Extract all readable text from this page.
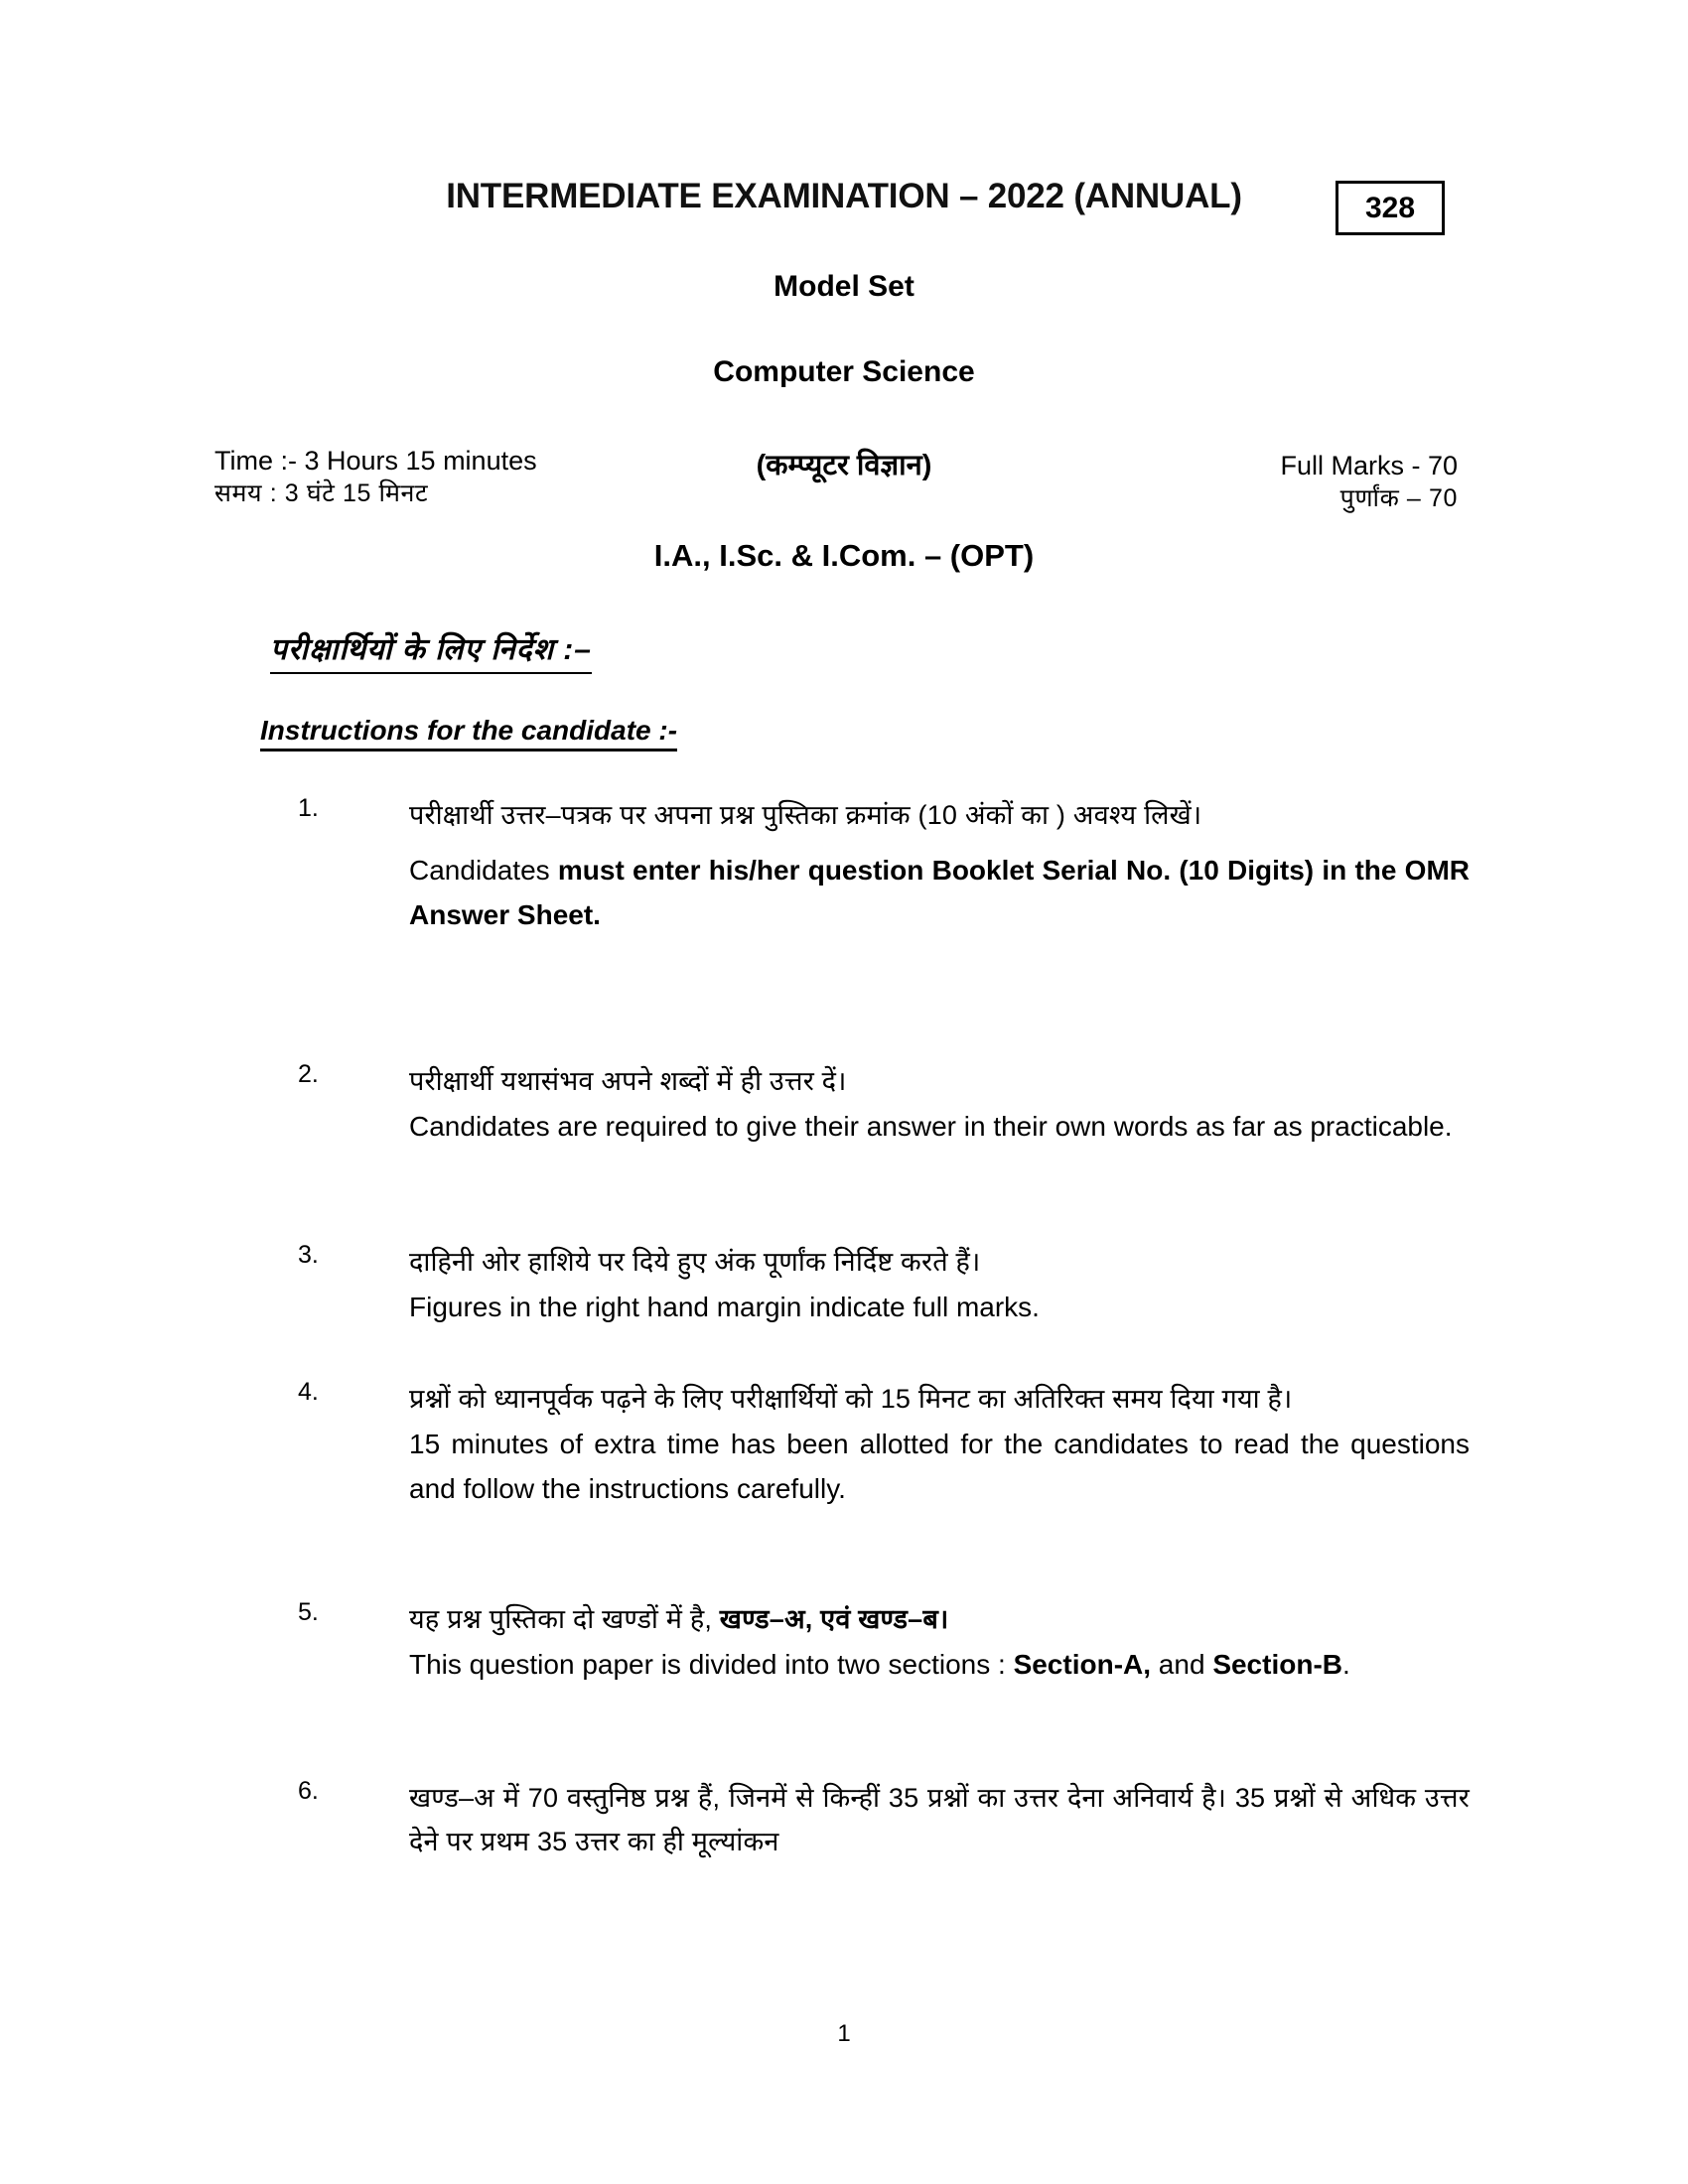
INTERMEDIATE EXAMINATION – 2022 (ANNUAL)	328
Model Set
Computer Science
(कम्प्यूटर विज्ञान)
I.A., I.Sc. & I.Com. – (OPT)
Time :- 3 Hours 15 minutes
समय : 3 घंटे 15 मिनट
Full Marks - 70
पुर्णांक – 70
परीक्षार्थियों के लिए निर्देश :–
Instructions for the candidate :-
1.	परीक्षार्थी उत्तर–पत्रक पर अपना प्रश्न पुस्तिका क्रमांक (10 अंकों का ) अवश्य लिखें।
Candidates must enter his/her question Booklet Serial No. (10 Digits) in the OMR Answer Sheet.
2.	परीक्षार्थी यथासंभव अपने शब्दों में ही उत्तर दें।
Candidates are required to give their answer in their own words as far as practicable.
3.	दाहिनी ओर हाशिये पर दिये हुए अंक पूर्णांक निर्दिष्ट करते हैं।
Figures in the right hand margin indicate full marks.
4.	प्रश्नों को ध्यानपूर्वक पढ़ने के लिए परीक्षार्थियों को 15 मिनट का अतिरिक्त समय दिया गया है।
15 minutes of extra time has been allotted for the candidates to read the questions and follow the instructions carefully.
5.	यह प्रश्न पुस्तिका दो खण्डों में है, खण्ड–अ, एवं खण्ड–ब।
This question paper is divided into two sections : Section-A, and Section-B.
6.	खण्ड–अ में 70 वस्तुनिष्ठ प्रश्न हैं, जिनमें से किन्हीं 35 प्रश्नों का उत्तर देना अनिवार्य है। 35 प्रश्नों से अधिक उत्तर देने पर प्रथम 35 उत्तर का ही मूल्यांकन
1
